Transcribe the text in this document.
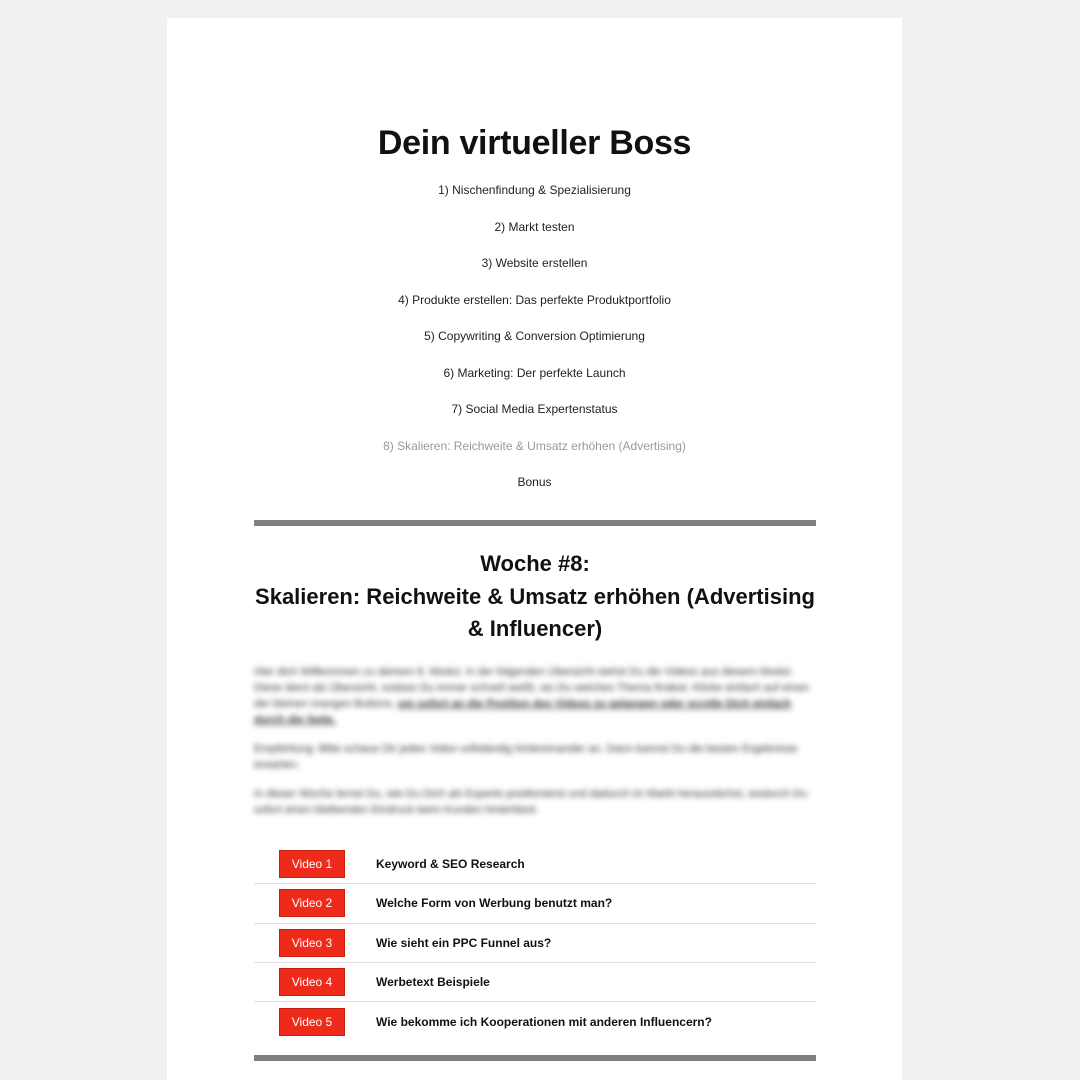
Dein virtueller Boss
1) Nischenfindung & Spezialisierung
2) Markt testen
3) Website erstellen
4) Produkte erstellen: Das perfekte Produktportfolio
5) Copywriting & Conversion Optimierung
6) Marketing: Der perfekte Launch
7) Social Media Expertenstatus
8) Skalieren: Reichweite & Umsatz erhöhen (Advertising)
Bonus
Woche #8:
Skalieren: Reichweite & Umsatz erhöhen (Advertising
& Influencer)

Hier dich Willkommen zu deinem 8. Modul. In der folgenden Übersicht siehst Du die Videos aus diesem Modul. Diese dient als Übersicht, sodass Du immer schnell weißt, wo Du welches Thema findest. Klicke einfach auf einen der kleinen orangen Buttons, um sofort an die Position des Videos zu gelangen oder scrolle Dich einfach durch die Seite.

Empfehlung: Bitte schaue Dir jedes Video vollständig hintereinander an. Dann kannst Du die besten Ergebnisse erwarten.

In dieser Woche lernst Du, wie Du Dich als Experte positionierst und dadurch im Markt herausstichst, wodurch Du sofort einen bleibenden Eindruck beim Kunden hinterlässt.

Video 1	Keyword & SEO Research
Video 2	Welche Form von Werbung benutzt man?
Video 3	Wie sieht ein PPC Funnel aus?
Video 4	Werbetext Beispiele
Video 5	Wie bekomme ich Kooperationen mit anderen Influencern?
